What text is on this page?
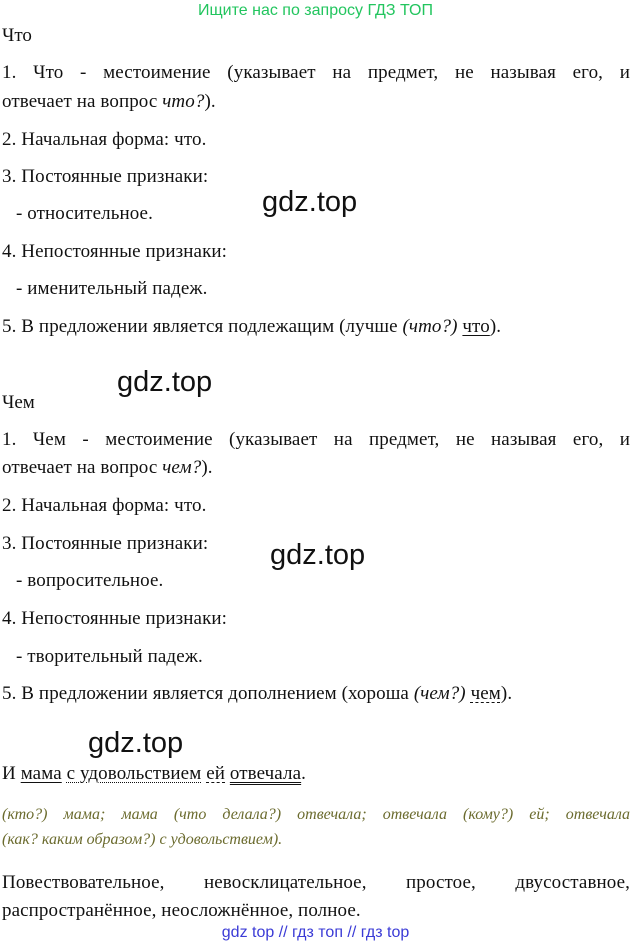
Ищите нас по запросу ГДЗ ТОП
Что
1. Что - местоимение (указывает на предмет, не называя его, и
отвечает на вопрос что?).
2. Начальная форма: что.
3. Постоянные признаки:
- относительное.
4. Непостоянные признаки:
- именительный падеж.
5. В предложении является подлежащим (лучше (что?) что).
gdz.top
gdz.top
Чем
1. Чем - местоимение (указывает на предмет, не называя его, и
отвечает на вопрос чем?).
2. Начальная форма: что.
3. Постоянные признаки:
- вопросительное.
4. Непостоянные признаки:
- творительный падеж.
5. В предложении является дополнением (хороша (чем?) чем).
gdz.top
gdz.top
И мама с удовольствием ей отвечала.
(кто?) мама; мама (что делала?) отвечала; отвечала (кому?) ей; отвечала
(как? каким образом?) с удовольствием).
Повествовательное, невосклицательное, простое, двусоставное,
распространённое, неосложнённое, полное.
gdz top // гдз топ // гдз top
